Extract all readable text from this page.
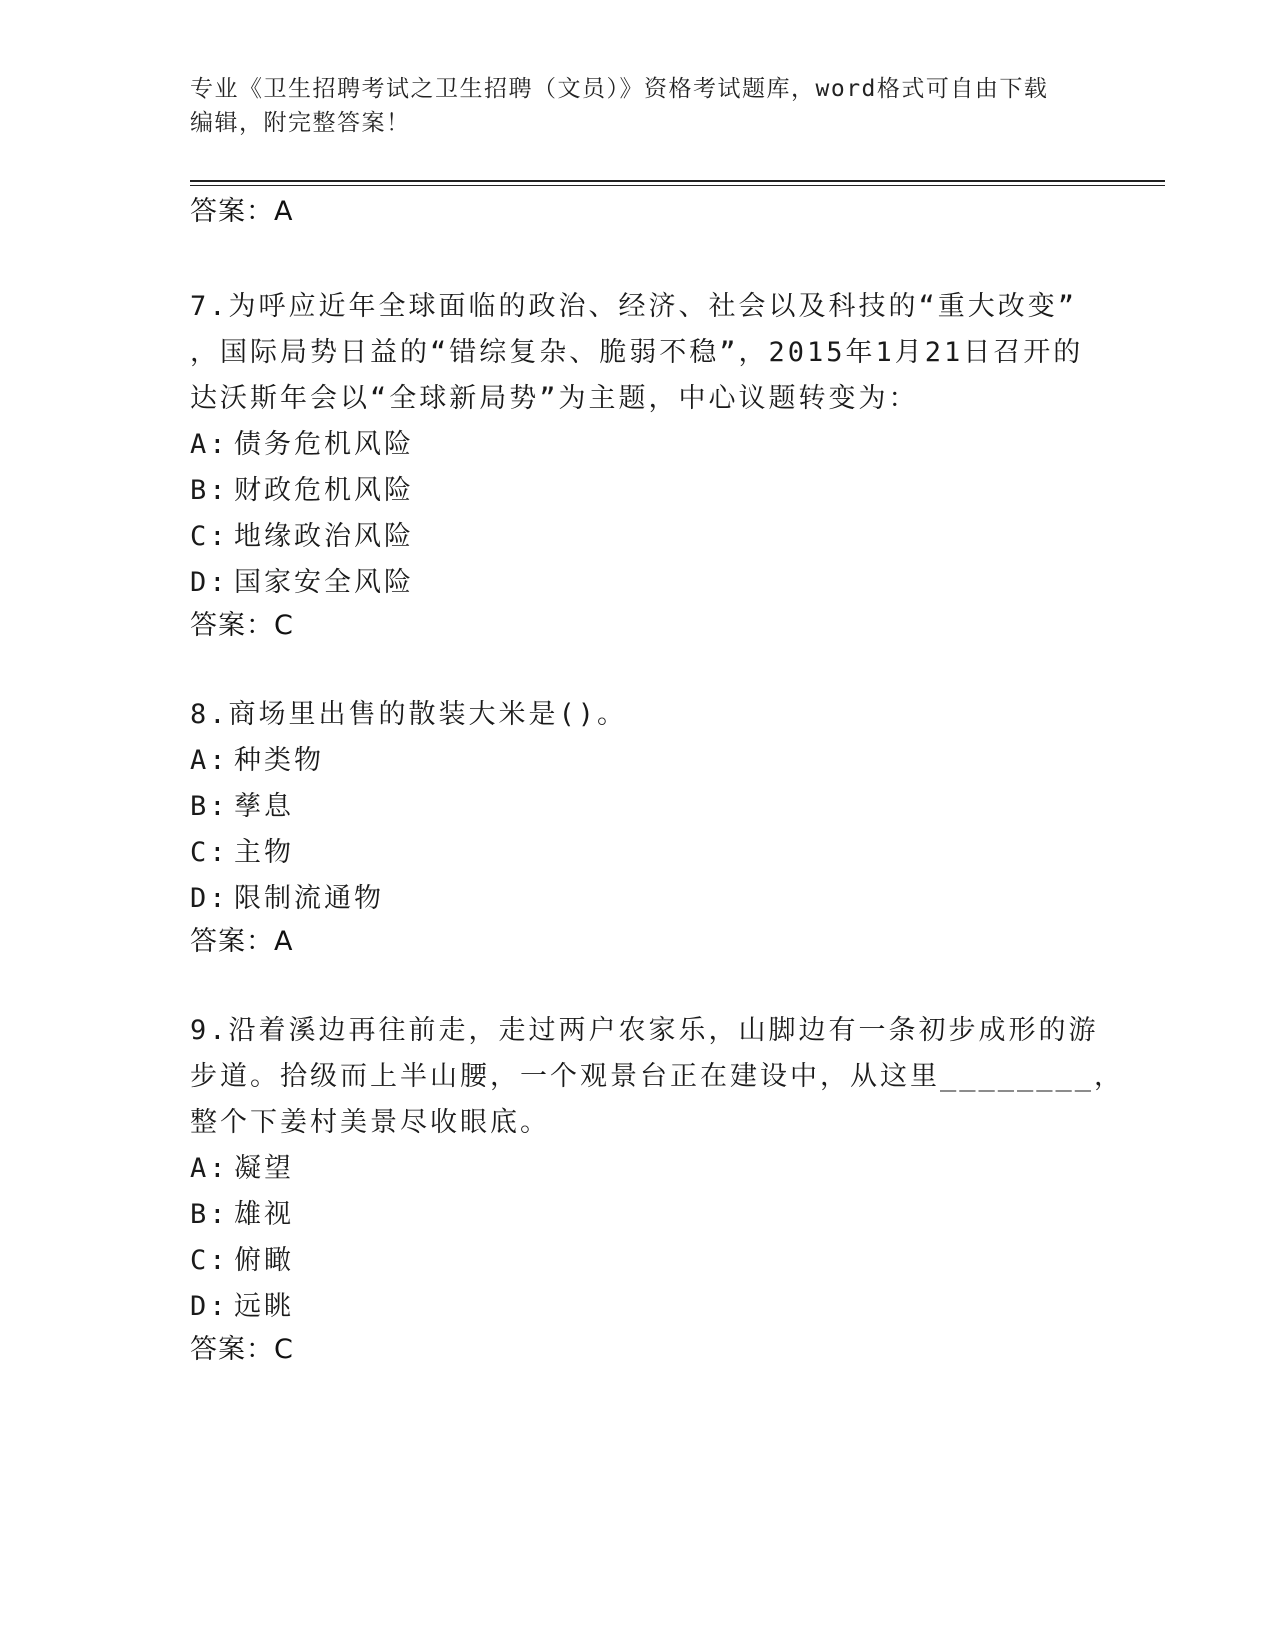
专业《卫生招聘考试之卫生招聘（文员）》资格考试题库，word格式可自由下载
编辑，附完整答案！
答案：A
7.为呼应近年全球面临的政治、经济、社会以及科技的“重大改变”
，国际局势日益的“错综复杂、脆弱不稳”，2015年1月21日召开的
达沃斯年会以“全球新局势”为主题，中心议题转变为：
A: 债务危机风险
B: 财政危机风险
C: 地缘政治风险
D: 国家安全风险
答案：C
8.商场里出售的散装大米是()。
A: 种类物
B: 孳息
C: 主物
D: 限制流通物
答案：A
9.沿着溪边再往前走，走过两户农家乐，山脚边有一条初步成形的游
步道。拾级而上半山腰，一个观景台正在建设中，从这里________，
整个下姜村美景尽收眼底。
A: 凝望
B: 雄视
C: 俯瞰
D: 远眺
答案：C
